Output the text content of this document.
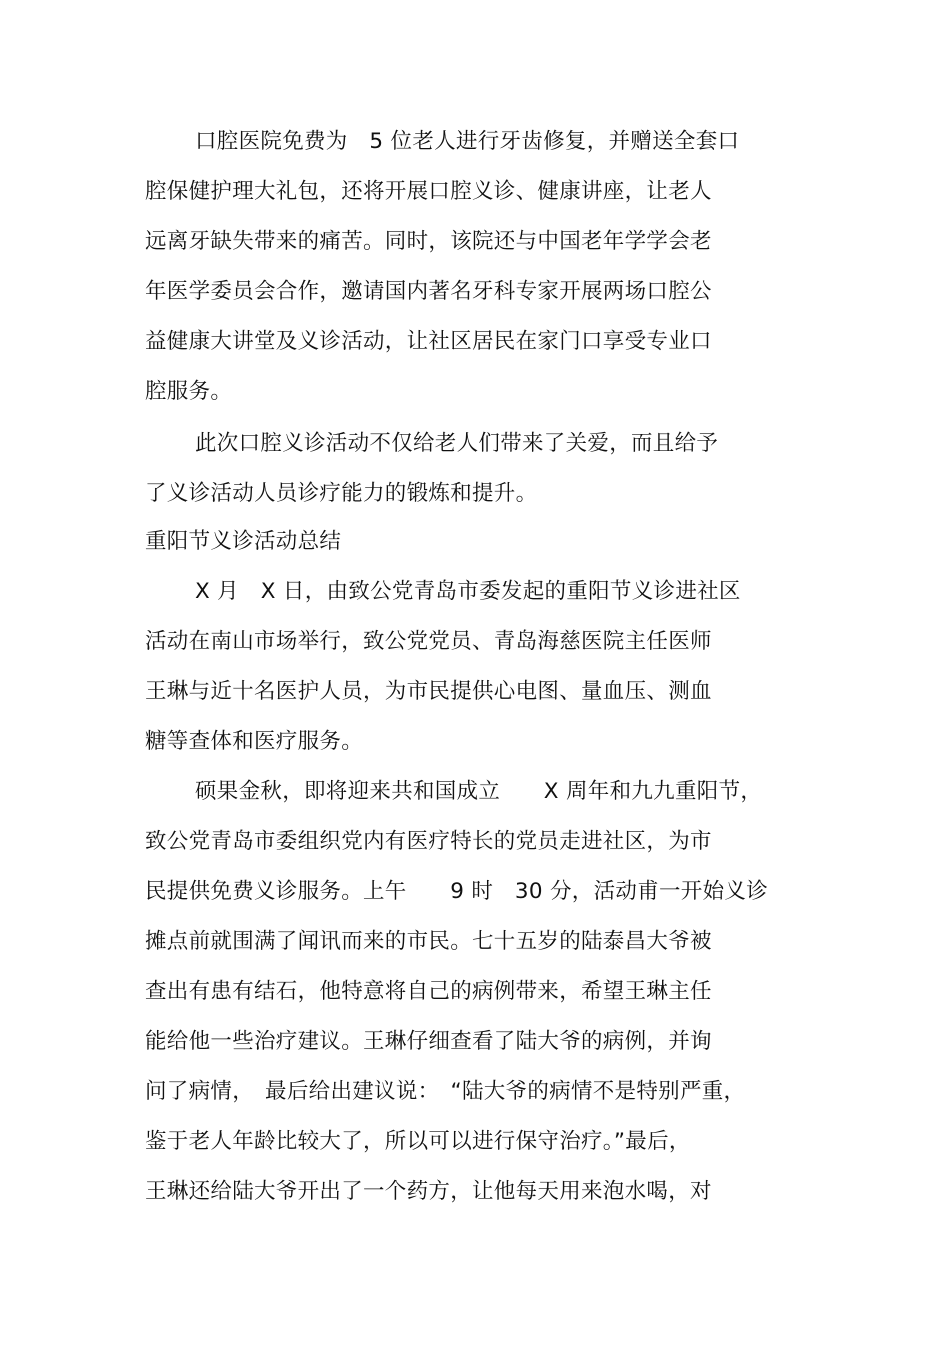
口腔医院免费为　5 位老人进行牙齿修复，并赠送全套口
腔保健护理大礼包，还将开展口腔义诊、健康讲座，让老人
远离牙缺失带来的痛苦。同时，该院还与中国老年学学会老
年医学委员会合作，邀请国内著名牙科专家开展两场口腔公
益健康大讲堂及义诊活动，让社区居民在家门口享受专业口
腔服务。
此次口腔义诊活动不仅给老人们带来了关爱，而且给予
了义诊活动人员诊疗能力的锻炼和提升。
重阳节义诊活动总结
X 月　X 日，由致公党青岛市委发起的重阳节义诊进社区
活动在南山市场举行，致公党党员、青岛海慈医院主任医师
王琳与近十名医护人员，为市民提供心电图、量血压、测血
糖等查体和医疗服务。
硕果金秋，即将迎来共和国成立　　X 周年和九九重阳节，
致公党青岛市委组织党内有医疗特长的党员走进社区，为市
民提供免费义诊服务。上午　　9 时　30 分，活动甫一开始义诊
摊点前就围满了闻讯而来的市民。七十五岁的陆泰昌大爷被
查出有患有结石，他特意将自己的病例带来，希望王琳主任
能给他一些治疗建议。王琳仔细查看了陆大爷的病例，并询
问了病情，　最后给出建议说：　“陆大爷的病情不是特别严重，
鉴于老人年龄比较大了，所以可以进行保守治疗。”最后，
王琳还给陆大爷开出了一个药方，让他每天用来泡水喝，对
